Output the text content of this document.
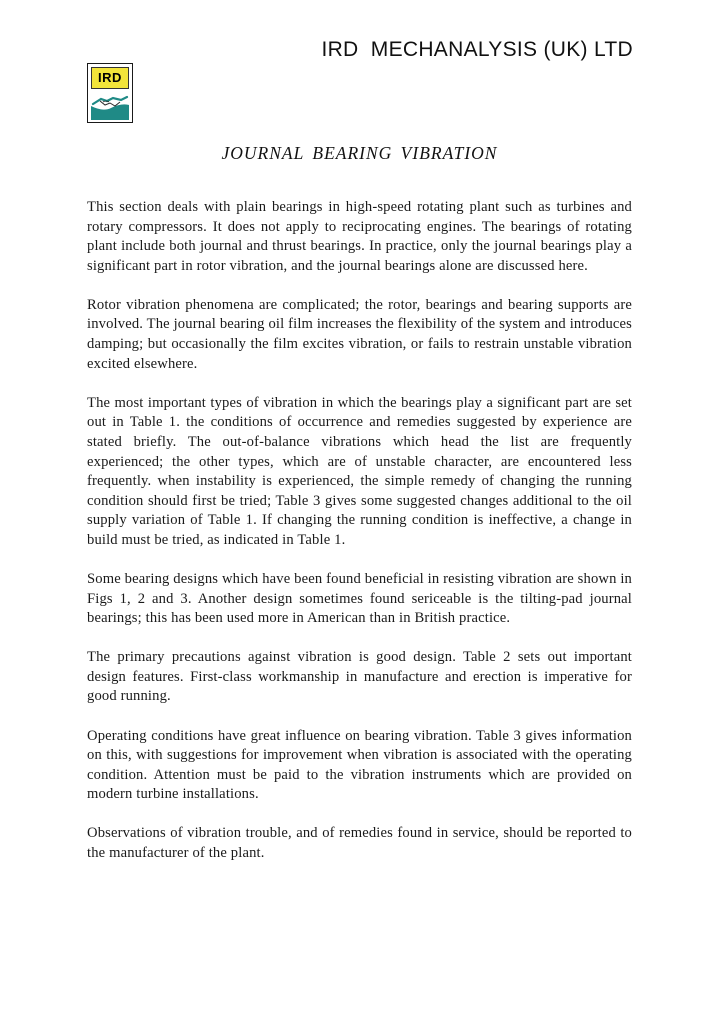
IRD  MECHANALYSIS (UK) LTD
IRD
JOURNAL BEARING VIBRATION

This section deals with plain bearings in high-speed rotating plant such as turbines and rotary compressors. It does not apply to reciprocating engines. The bearings of rotating plant include both journal and thrust bearings. In practice, only the journal bearings play a significant part in rotor vibration, and the journal bearings alone are discussed here.

Rotor vibration phenomena are complicated; the rotor, bearings and bearing supports are involved. The journal bearing oil film increases the flexibility of the system and introduces damping; but occasionally the film excites vibration, or fails to restrain unstable vibration excited elsewhere.

The most important types of vibration in which the bearings play a significant part are set out in Table 1. the conditions of occurrence and remedies suggested by experience are stated briefly. The out-of-balance vibrations which head the list are frequently experienced; the other types, which are of unstable character, are encountered less frequently. when instability is experienced, the simple remedy of changing the running condition should first be tried; Table 3 gives some suggested changes additional to the oil supply variation of Table 1. If changing the running condition is ineffective, a change in build must be tried, as indicated in Table 1.

Some bearing designs which have been found beneficial in resisting vibration are shown in Figs 1, 2 and 3. Another design sometimes found sericeable is the tilting-pad journal bearings; this has been used more in American than in British practice.

The primary precautions against vibration is good design. Table 2 sets out important design features. First-class workmanship in manufacture and erection is imperative for good running.

Operating conditions have great influence on bearing vibration. Table 3 gives information on this, with suggestions for improvement when vibration is associated with the operating condition. Attention must be paid to the vibration instruments which are provided on modern turbine installations.

Observations of vibration trouble, and of remedies found in service, should be reported to the manufacturer of the plant.
